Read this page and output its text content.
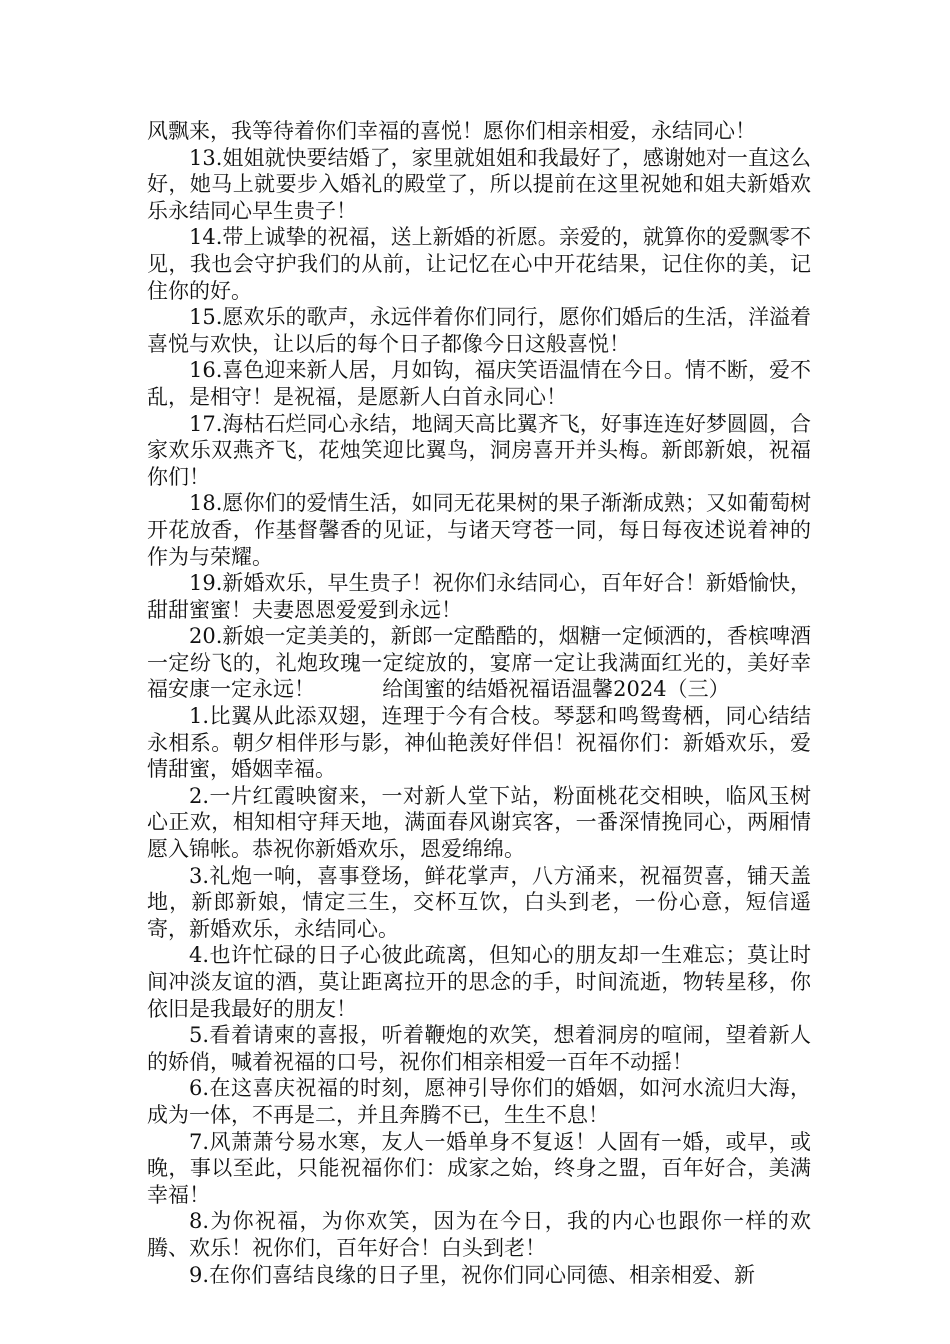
风飘来，我等待着你们幸福的喜悦！愿你们相亲相爱，永结同心！

13.姐姐就快要结婚了，家里就姐姐和我最好了，感谢她对一直这么好，她马上就要步入婚礼的殿堂了，所以提前在这里祝她和姐夫新婚欢乐永结同心早生贵子！

14.带上诚挚的祝福，送上新婚的祈愿。亲爱的，就算你的爱飘零不见，我也会守护我们的从前，让记忆在心中开花结果，记住你的美，记住你的好。

15.愿欢乐的歌声，永远伴着你们同行，愿你们婚后的生活，洋溢着喜悦与欢快，让以后的每个日子都像今日这般喜悦！

16.喜色迎来新人居，月如钩，福庆笑语温情在今日。情不断，爱不乱，是相守！是祝福，是愿新人白首永同心！

17.海枯石烂同心永结，地阔天高比翼齐飞，好事连连好梦圆圆，合家欢乐双燕齐飞，花烛笑迎比翼鸟，洞房喜开并头梅。新郎新娘，祝福你们！

18.愿你们的爱情生活，如同无花果树的果子渐渐成熟；又如葡萄树开花放香，作基督馨香的见证，与诸天穹苍一同，每日每夜述说着神的作为与荣耀。

19.新婚欢乐，早生贵子！祝你们永结同心，百年好合！新婚愉快，甜甜蜜蜜！夫妻恩恩爱爱到永远！

20.新娘一定美美的，新郎一定酷酷的，烟糖一定倾洒的，香槟啤酒一定纷飞的，礼炮玫瑰一定绽放的，宴席一定让我满面红光的，美好幸福安康一定永远！	给闺蜜的结婚祝福语温馨2024（三）

1.比翼从此添双翅，连理于今有合枝。琴瑟和鸣鸳鸯栖，同心结结永相系。朝夕相伴形与影，神仙艳羡好伴侣！祝福你们：新婚欢乐，爱情甜蜜，婚姻幸福。

2.一片红霞映窗来，一对新人堂下站，粉面桃花交相映，临风玉树心正欢，相知相守拜天地，满面春风谢宾客，一番深情挽同心，两厢情愿入锦帐。恭祝你新婚欢乐，恩爱绵绵。

3.礼炮一响，喜事登场，鲜花掌声，八方涌来，祝福贺喜，铺天盖地，新郎新娘，情定三生，交杯互饮，白头到老，一份心意，短信遥寄，新婚欢乐，永结同心。

4.也许忙碌的日子心彼此疏离，但知心的朋友却一生难忘；莫让时间冲淡友谊的酒，莫让距离拉开的思念的手，时间流逝，物转星移，你依旧是我最好的朋友！

5.看着请柬的喜报，听着鞭炮的欢笑，想着洞房的喧闹，望着新人的娇俏，喊着祝福的口号，祝你们相亲相爱一百年不动摇！

6.在这喜庆祝福的时刻，愿神引导你们的婚姻，如河水流归大海，成为一体，不再是二，并且奔腾不已，生生不息！

7.风萧萧兮易水寒，友人一婚单身不复返！人固有一婚，或早，或晚，事以至此，只能祝福你们：成家之始，终身之盟，百年好合，美满幸福！

8.为你祝福，为你欢笑，因为在今日，我的内心也跟你一样的欢腾、欢乐！祝你们，百年好合！白头到老！

9.在你们喜结良缘的日子里，祝你们同心同德、相亲相爱、新
